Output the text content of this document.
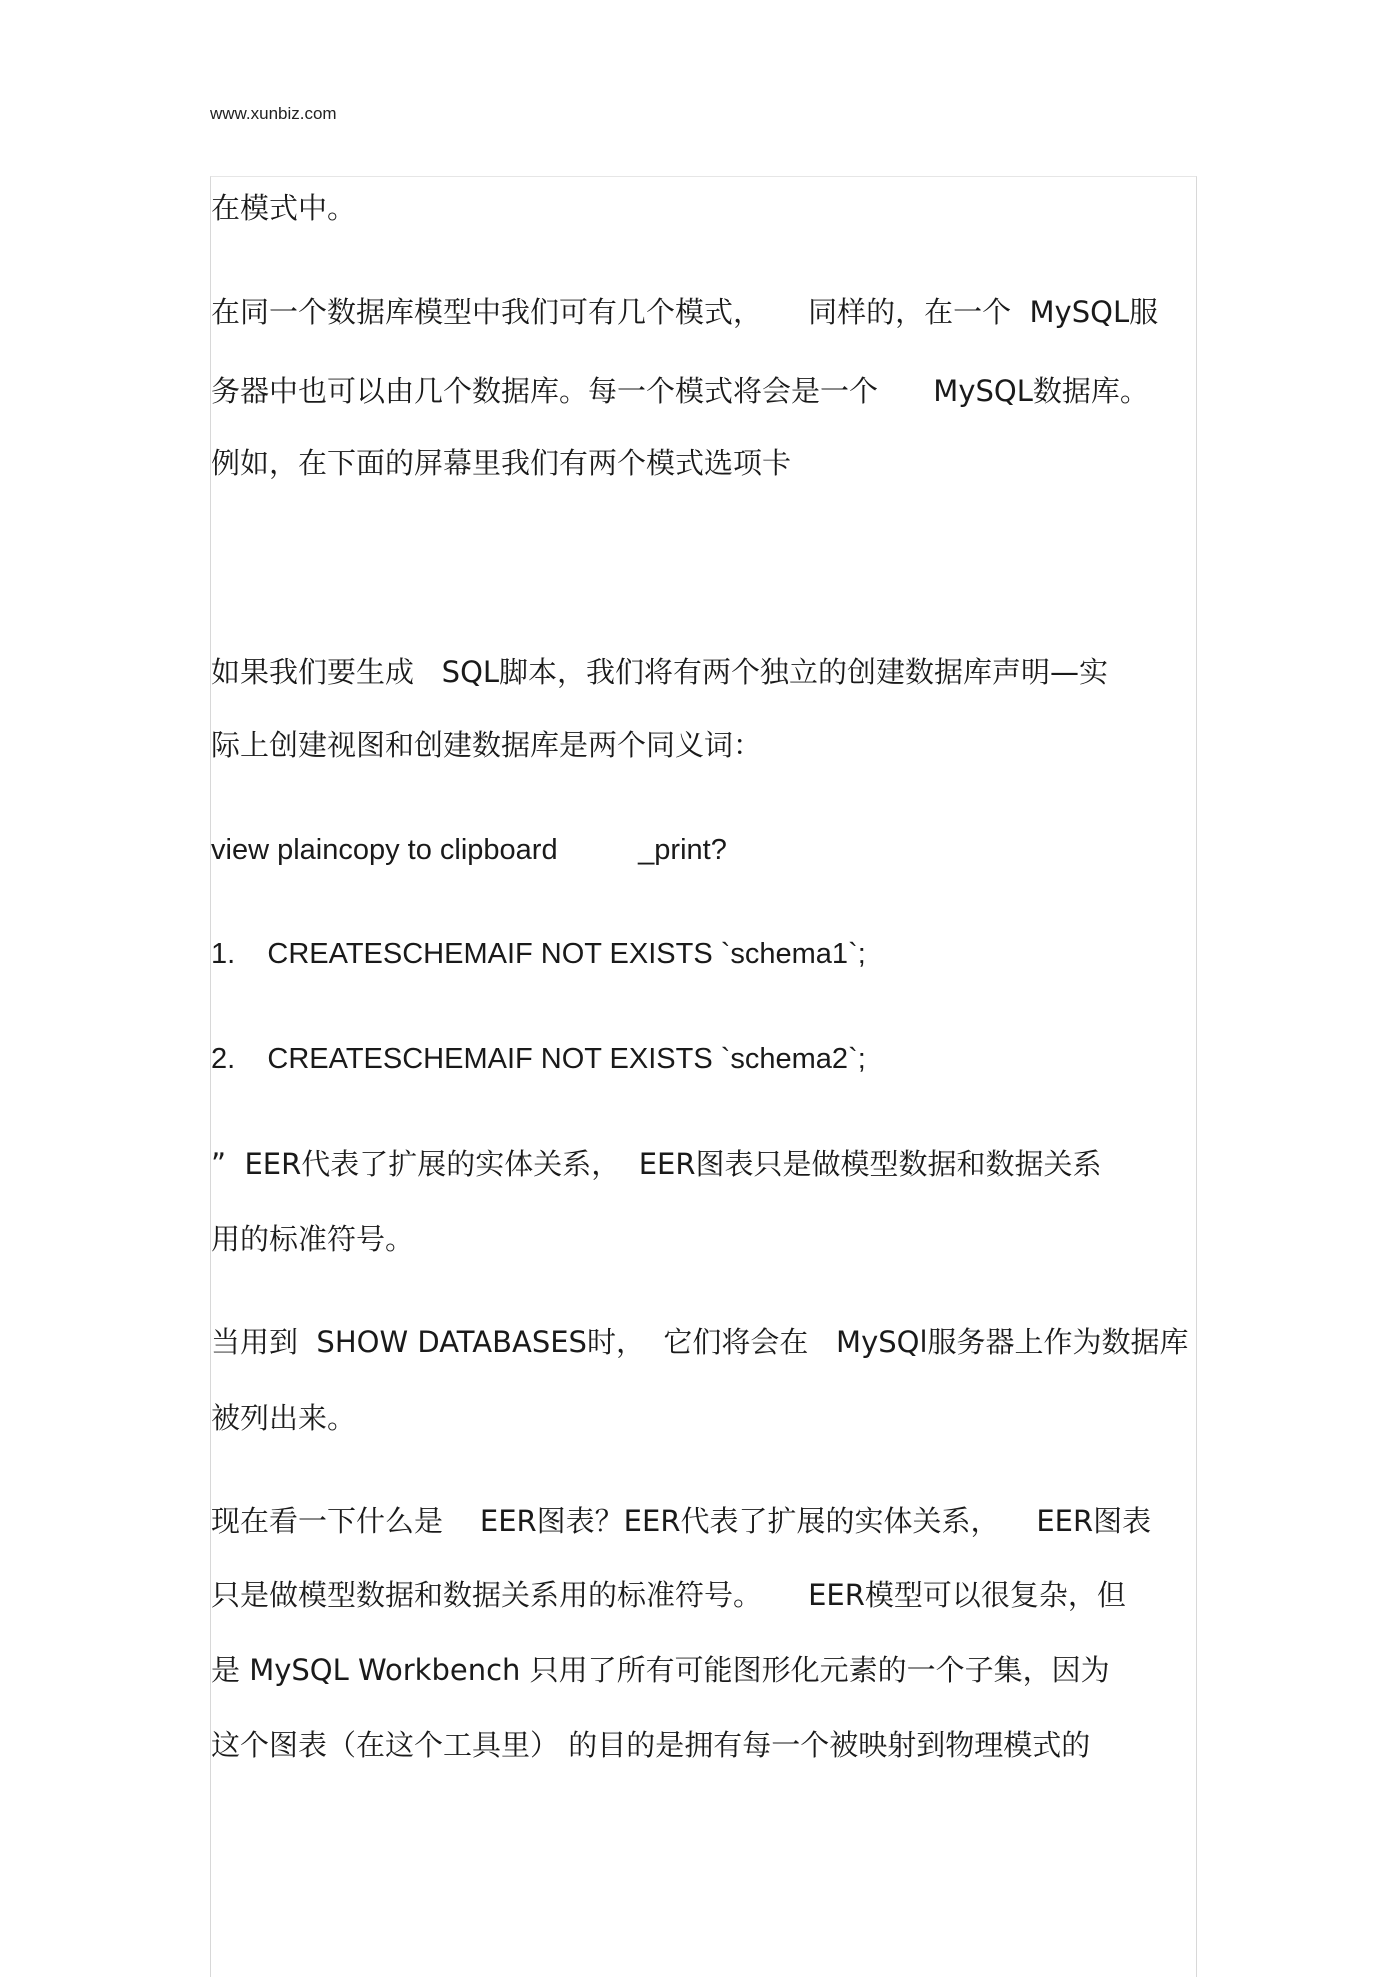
www.xunbiz.com
在模式中。
在同一个数据库模型中我们可有几个模式，     同样的，在一个  MySQL服
务器中也可以由几个数据库。每一个模式将会是一个      MySQL数据库。
例如，在下面的屏幕里我们有两个模式选项卡
如果我们要生成   SQL脚本，我们将有两个独立的创建数据库声明—实
际上创建视图和创建数据库是两个同义词：
view plaincopy to clipboard          _print?
1.    CREATESCHEMAIF NOT EXISTS `schema1`;
2.    CREATESCHEMAIF NOT EXISTS `schema2`;
”  EER代表了扩展的实体关系，  EER图表只是做模型数据和数据关系
用的标准符号。
当用到  SHOW DATABASES时，  它们将会在   MySQl服务器上作为数据库
被列出来。
现在看一下什么是    EER图表？EER代表了扩展的实体关系，    EER图表
只是做模型数据和数据关系用的标准符号。     EER模型可以很复杂，但
是 MySQL Workbench 只用了所有可能图形化元素的一个子集，因为
这个图表（在这个工具里） 的目的是拥有每一个被映射到物理模式的
